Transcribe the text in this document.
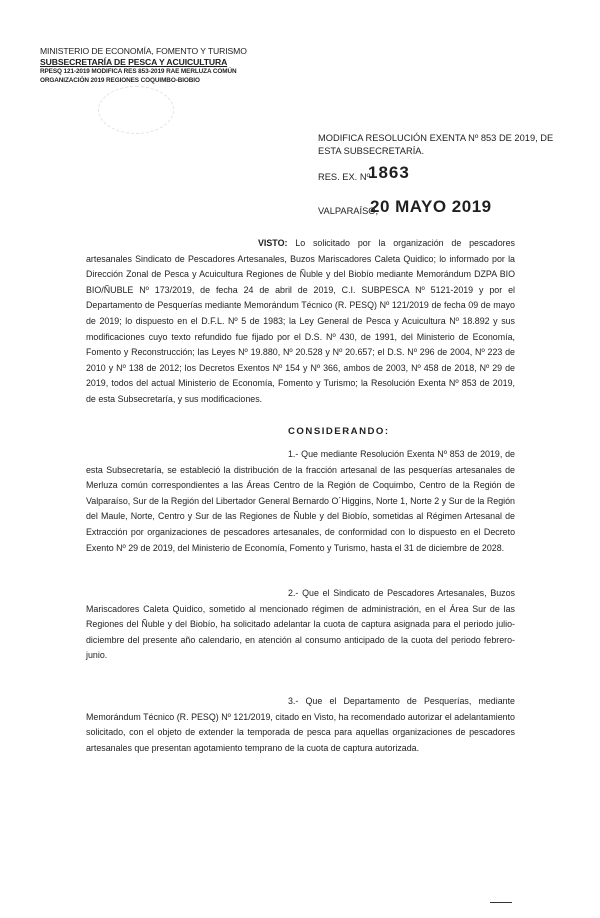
MINISTERIO DE ECONOMÍA, FOMENTO Y TURISMO
SUBSECRETARÍA DE PESCA Y ACUICULTURA
RPESQ 121-2019 MODIFICA RES 853-2019 RAE MERLUZA COMÚN
ORGANIZACIÓN 2019 REGIONES COQUIMBO-BIOBIO
MODIFICA RESOLUCIÓN EXENTA Nº 853 DE 2019, DE ESTA SUBSECRETARÍA.
RES. EX. Nº
1863
VALPARAÍSO,
20 MAYO 2019
VISTO: Lo solicitado por la organización de pescadores artesanales Sindicato de Pescadores Artesanales, Buzos Mariscadores Caleta Quidico; lo informado por la Dirección Zonal de Pesca y Acuicultura Regiones de Ñuble y del Biobío mediante Memorándum DZPA BIO BIO/ÑUBLE Nº 173/2019, de fecha 24 de abril de 2019, C.I. SUBPESCA Nº 5121-2019 y por el Departamento de Pesquerías mediante Memorándum Técnico (R. PESQ) Nº 121/2019 de fecha 09 de mayo de 2019; lo dispuesto en el D.F.L. Nº 5 de 1983; la Ley General de Pesca y Acuicultura Nº 18.892 y sus modificaciones cuyo texto refundido fue fijado por el D.S. Nº 430, de 1991, del Ministerio de Economía, Fomento y Reconstrucción; las Leyes Nº 19.880, Nº 20.528 y Nº 20.657; el D.S. Nº 296 de 2004, Nº 223 de 2010 y Nº 138 de 2012; los Decretos Exentos Nº 154 y Nº 366, ambos de 2003, Nº 458 de 2018, Nº 29 de 2019, todos del actual Ministerio de Economía, Fomento y Turismo; la Resolución Exenta Nº 853 de 2019, de esta Subsecretaría, y sus modificaciones.
CONSIDERANDO:
1.- Que mediante Resolución Exenta Nº 853 de 2019, de esta Subsecretaría, se estableció la distribución de la fracción artesanal de las pesquerías artesanales de Merluza común correspondientes a las Áreas Centro de la Región de Coquimbo, Centro de la Región de Valparaíso, Sur de la Región del Libertador General Bernardo O´Higgins, Norte 1, Norte 2 y Sur de la Región del Maule, Norte, Centro y Sur de las Regiones de Ñuble y del Biobío, sometidas al Régimen Artesanal de Extracción por organizaciones de pescadores artesanales, de conformidad con lo dispuesto en el Decreto Exento Nº 29 de 2019, del Ministerio de Economía, Fomento y Turismo, hasta el 31 de diciembre de 2028.
2.- Que el Sindicato de Pescadores Artesanales, Buzos Mariscadores Caleta Quidico, sometido al mencionado régimen de administración, en el Área Sur de las Regiones del Ñuble y del Biobío, ha solicitado adelantar la cuota de captura asignada para el periodo julio-diciembre del presente año calendario, en atención al consumo anticipado de la cuota del periodo febrero-junio.
3.- Que el Departamento de Pesquerías, mediante Memorándum Técnico (R. PESQ) Nº 121/2019, citado en Visto, ha recomendado autorizar el adelantamiento solicitado, con el objeto de extender la temporada de pesca para aquellas organizaciones de pescadores artesanales que presentan agotamiento temprano de la cuota de captura autorizada.
